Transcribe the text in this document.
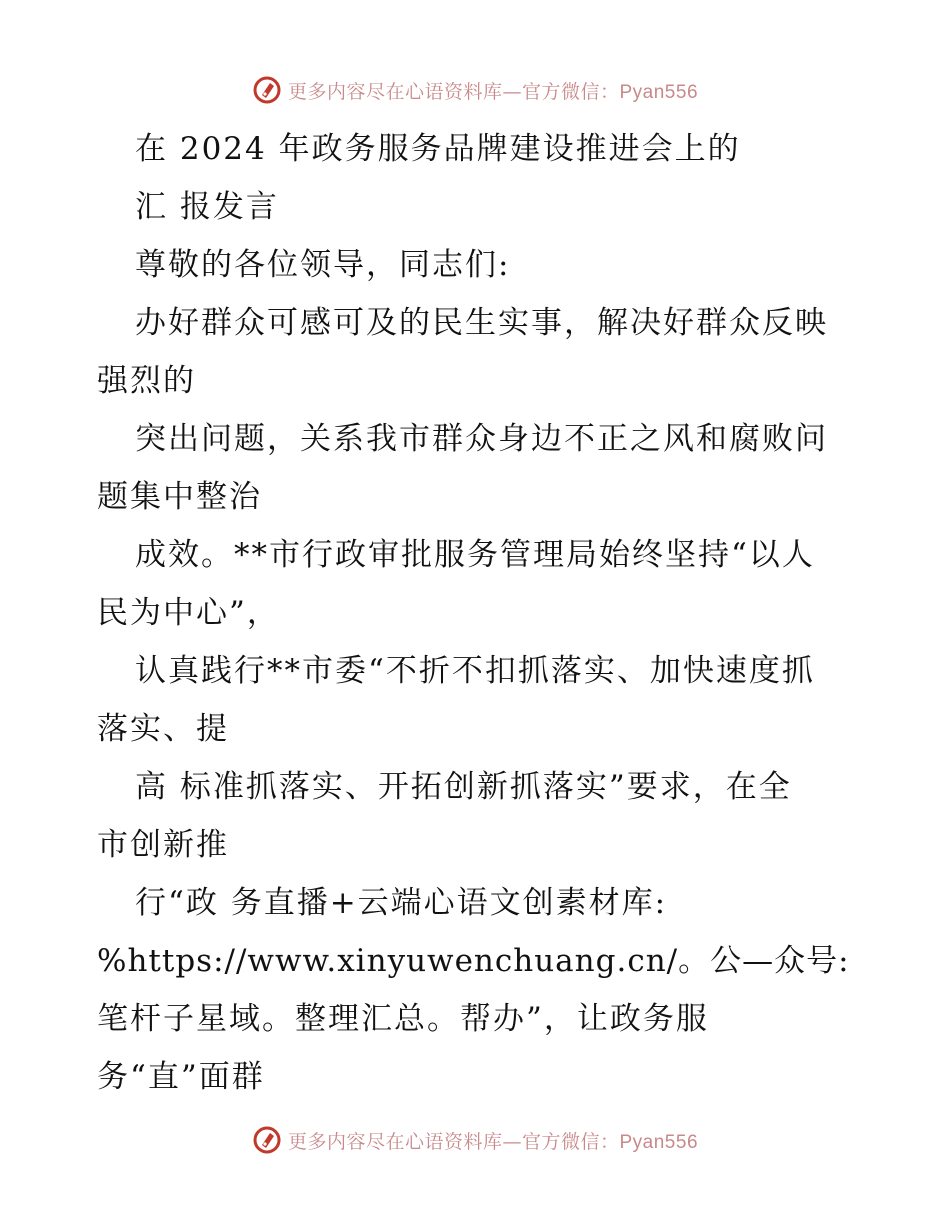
更多内容尽在心语资料库—官方微信：Pyan556
在 2024 年政务服务品牌建设推进会上的
汇 报发言
尊敬的各位领导，同志们:
办好群众可感可及的民生实事，解决好群众反映
强烈的
突出问题，关系我市群众身边不正之风和腐败问
题集中整治
成效。**市行政审批服务管理局始终坚持“以人
民为中心”，
认真践行**市委“不折不扣抓落实、加快速度抓
落实、提
高 标准抓落实、开拓创新抓落实”要求，在全
市创新推
行“政 务直播+云端心语文创素材库:
%https://www.xinyuwenchuang.cn/。公—众号:
笔杆子星域。整理汇总。帮办”，让政务服
务“直”面群
更多内容尽在心语资料库—官方微信：Pyan556
